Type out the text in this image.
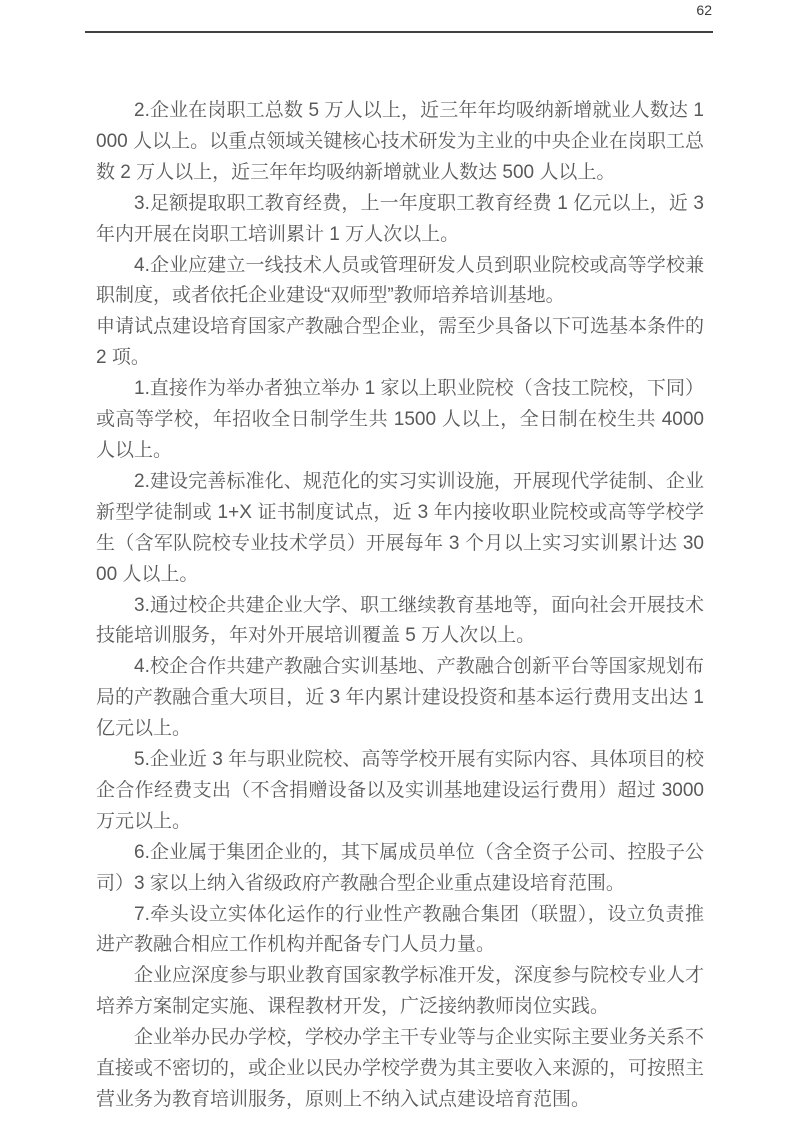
62

2.企业在岗职工总数 5 万人以上，近三年年均吸纳新增就业人数达 1000 人以上。以重点领域关键核心技术研发为主业的中央企业在岗职工总数 2 万人以上，近三年年均吸纳新增就业人数达 500 人以上。

3.足额提取职工教育经费，上一年度职工教育经费 1 亿元以上，近 3 年内开展在岗职工培训累计 1 万人次以上。

4.企业应建立一线技术人员或管理研发人员到职业院校或高等学校兼职制度，或者依托企业建设“双师型”教师培养培训基地。

申请试点建设培育国家产教融合型企业，需至少具备以下可选基本条件的 2 项。

1.直接作为举办者独立举办 1 家以上职业院校（含技工院校，下同）或高等学校，年招收全日制学生共 1500 人以上，全日制在校生共 4000 人以上。

2.建设完善标准化、规范化的实习实训设施，开展现代学徒制、企业新型学徒制或 1+X 证书制度试点，近 3 年内接收职业院校或高等学校学生（含军队院校专业技术学员）开展每年 3 个月以上实习实训累计达 3000 人以上。

3.通过校企共建企业大学、职工继续教育基地等，面向社会开展技术技能培训服务，年对外开展培训覆盖 5 万人次以上。

4.校企合作共建产教融合实训基地、产教融合创新平台等国家规划布局的产教融合重大项目，近 3 年内累计建设投资和基本运行费用支出达 1 亿元以上。

5.企业近 3 年与职业院校、高等学校开展有实际内容、具体项目的校企合作经费支出（不含捐赠设备以及实训基地建设运行费用）超过 3000 万元以上。

6.企业属于集团企业的，其下属成员单位（含全资子公司、控股子公司）3 家以上纳入省级政府产教融合型企业重点建设培育范围。

7.牵头设立实体化运作的行业性产教融合集团（联盟），设立负责推进产教融合相应工作机构并配备专门人员力量。

企业应深度参与职业教育国家教学标准开发，深度参与院校专业人才培养方案制定实施、课程教材开发，广泛接纳教师岗位实践。

企业举办民办学校，学校办学主干专业等与企业实际主要业务关系不直接或不密切的，或企业以民办学校学费为其主要收入来源的，可按照主营业务为教育培训服务，原则上不纳入试点建设培育范围。
